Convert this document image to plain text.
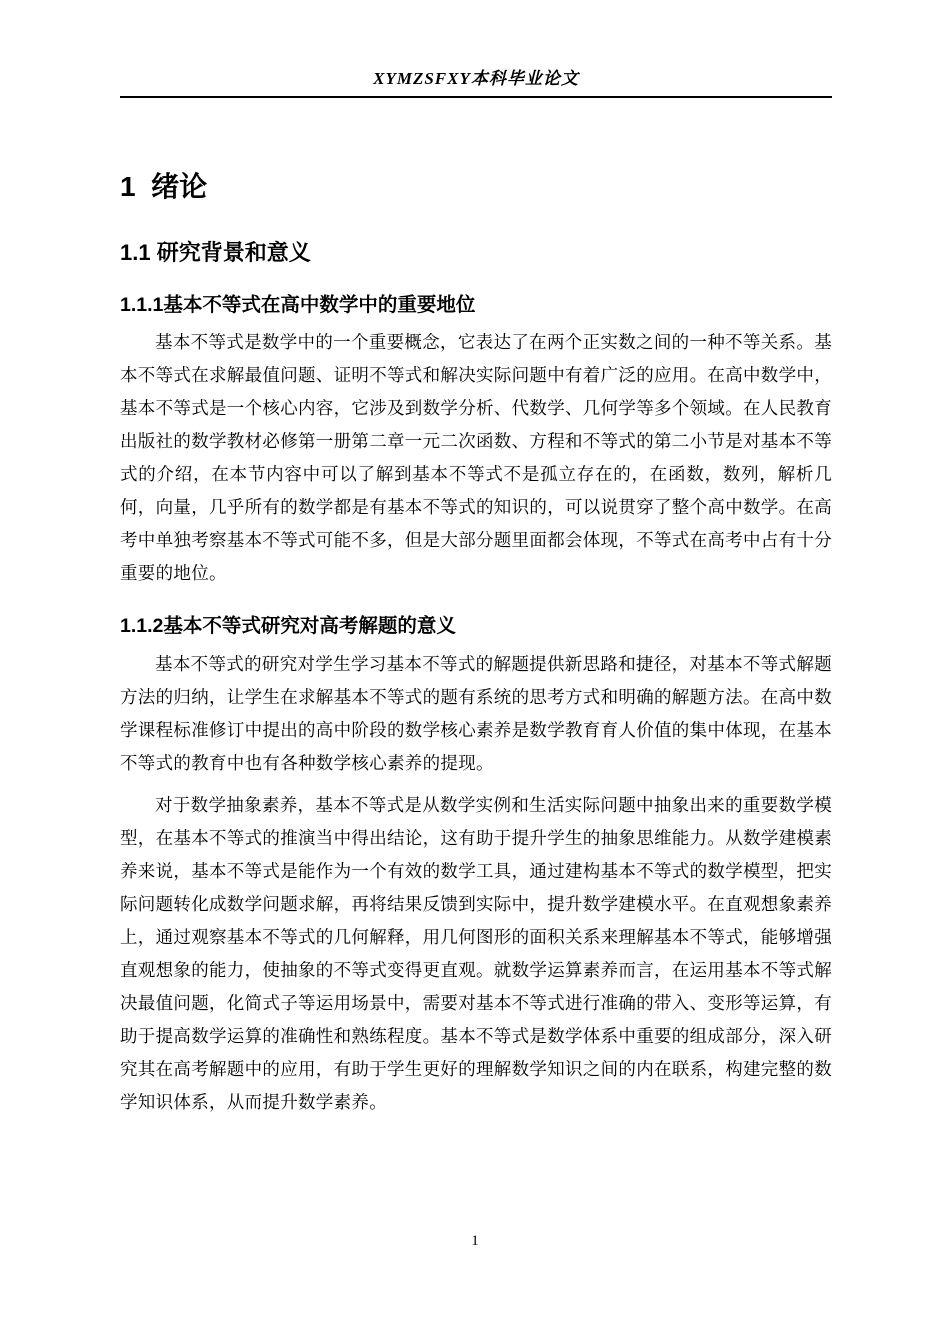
XYMZSFXY本科毕业论文
1  绪论
1.1 研究背景和意义
1.1.1基本不等式在高中数学中的重要地位

基本不等式是数学中的一个重要概念，它表达了在两个正实数之间的一种不等关系。基本不等式在求解最值问题、证明不等式和解决实际问题中有着广泛的应用。在高中数学中，基本不等式是一个核心内容，它涉及到数学分析、代数学、几何学等多个领域。在人民教育出版社的数学教材必修第一册第二章一元二次函数、方程和不等式的第二小节是对基本不等式的介绍，在本节内容中可以了解到基本不等式不是孤立存在的，在函数，数列，解析几何，向量，几乎所有的数学都是有基本不等式的知识的，可以说贯穿了整个高中数学。在高考中单独考察基本不等式可能不多，但是大部分题里面都会体现，不等式在高考中占有十分重要的地位。

1.1.2基本不等式研究对高考解题的意义

基本不等式的研究对学生学习基本不等式的解题提供新思路和捷径，对基本不等式解题方法的归纳，让学生在求解基本不等式的题有系统的思考方式和明确的解题方法。在高中数学课程标准修订中提出的高中阶段的数学核心素养是数学教育育人价值的集中体现，在基本不等式的教育中也有各种数学核心素养的提现。

对于数学抽象素养，基本不等式是从数学实例和生活实际问题中抽象出来的重要数学模型，在基本不等式的推演当中得出结论，这有助于提升学生的抽象思维能力。从数学建模素养来说，基本不等式是能作为一个有效的数学工具，通过建构基本不等式的数学模型，把实际问题转化成数学问题求解，再将结果反馈到实际中，提升数学建模水平。在直观想象素养上，通过观察基本不等式的几何解释，用几何图形的面积关系来理解基本不等式，能够增强直观想象的能力，使抽象的不等式变得更直观。就数学运算素养而言，在运用基本不等式解决最值问题，化简式子等运用场景中，需要对基本不等式进行准确的带入、变形等运算，有助于提高数学运算的准确性和熟练程度。基本不等式是数学体系中重要的组成部分，深入研究其在高考解题中的应用，有助于学生更好的理解数学知识之间的内在联系，构建完整的数学知识体系，从而提升数学素养。

1
